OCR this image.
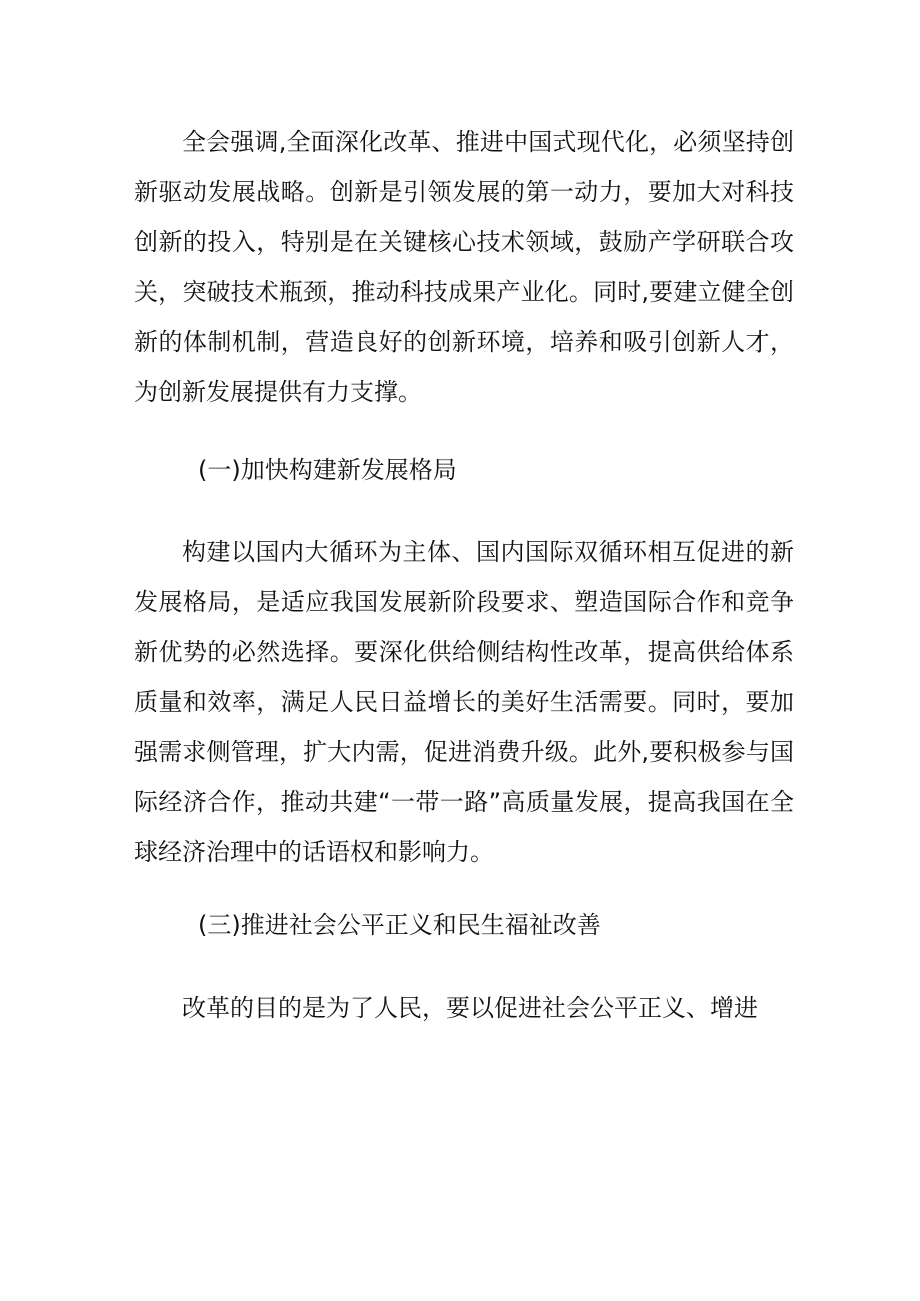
全会强调,全面深化改革、推进中国式现代化，必须坚持创新驱动发展战略。创新是引领发展的第一动力，要加大对科技创新的投入，特别是在关键核心技术领域，鼓励产学研联合攻关，突破技术瓶颈，推动科技成果产业化。同时,要建立健全创新的体制机制，营造良好的创新环境，培养和吸引创新人才，为创新发展提供有力支撑。

(一)加快构建新发展格局

构建以国内大循环为主体、国内国际双循环相互促进的新发展格局，是适应我国发展新阶段要求、塑造国际合作和竞争新优势的必然选择。要深化供给侧结构性改革，提高供给体系质量和效率，满足人民日益增长的美好生活需要。同时，要加强需求侧管理，扩大内需，促进消费升级。此外,要积极参与国际经济合作，推动共建“一带一路”高质量发展，提高我国在全球经济治理中的话语权和影响力。

(三)推进社会公平正义和民生福祉改善

改革的目的是为了人民，要以促进社会公平正义、增进
